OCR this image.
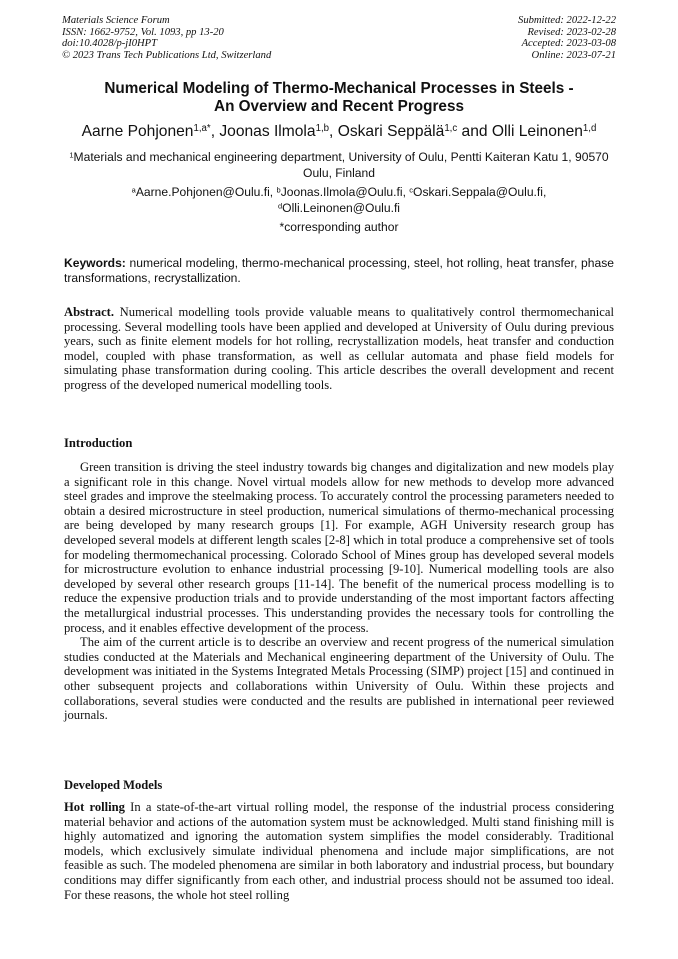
Materials Science Forum
ISSN: 1662-9752, Vol. 1093, pp 13-20
doi:10.4028/p-jI0HPT
© 2023 Trans Tech Publications Ltd, Switzerland
Submitted: 2022-12-22
Revised: 2023-02-28
Accepted: 2023-03-08
Online: 2023-07-21
Numerical Modeling of Thermo-Mechanical Processes in Steels -
An Overview and Recent Progress
Aarne Pohjonen$^{1,a*}$, Joonas Ilmola$^{1,b}$, Oskari Seppälä$^{1,c}$ and Olli Leinonen$^{1,d}$
$^1$Materials and mechanical engineering department, University of Oulu, Pentti Kaiteran Katu 1, 90570 Oulu, Finland
$^a$Aarne.Pohjonen@Oulu.fi, $^b$Joonas.Ilmola@Oulu.fi, $^c$Oskari.Seppala@Oulu.fi,
$^d$Olli.Leinonen@Oulu.fi
*corresponding author
Keywords: numerical modeling, thermo-mechanical processing, steel, hot rolling, heat transfer, phase transformations, recrystallization.

Abstract. Numerical modelling tools provide valuable means to qualitatively control thermomechanical processing. Several modelling tools have been applied and developed at University of Oulu during previous years, such as finite element models for hot rolling, recrystallization models, heat transfer and conduction model, coupled with phase transformation, as well as cellular automata and phase field models for simulating phase transformation during cooling. This article describes the overall development and recent progress of the developed numerical modelling tools.

Introduction

Green transition is driving the steel industry towards big changes and digitalization and new models play a significant role in this change. Novel virtual models allow for new methods to develop more advanced steel grades and improve the steelmaking process. To accurately control the processing parameters needed to obtain a desired microstructure in steel production, numerical simulations of thermo-mechanical processing are being developed by many research groups [1]. For example, AGH University research group has developed several models at different length scales [2-8] which in total produce a comprehensive set of tools for modeling thermomechanical processing. Colorado School of Mines group has developed several models for microstructure evolution to enhance industrial processing [9-10]. Numerical modelling tools are also developed by several other research groups [11-14]. The benefit of the numerical process modelling is to reduce the expensive production trials and to provide understanding of the most important factors affecting the metallurgical industrial processes. This understanding provides the necessary tools for controlling the process, and it enables effective development of the process.

The aim of the current article is to describe an overview and recent progress of the numerical simulation studies conducted at the Materials and Mechanical engineering department of the University of Oulu. The development was initiated in the Systems Integrated Metals Processing (SIMP) project [15] and continued in other subsequent projects and collaborations within University of Oulu. Within these projects and collaborations, several studies were conducted and the results are published in international peer reviewed journals.

Developed Models

Hot rolling In a state-of-the-art virtual rolling model, the response of the industrial process considering material behavior and actions of the automation system must be acknowledged. Multi stand finishing mill is highly automatized and ignoring the automation system simplifies the model considerably. Traditional models, which exclusively simulate individual phenomena and include major simplifications, are not feasible as such. The modeled phenomena are similar in both laboratory and industrial process, but boundary conditions may differ significantly from each other, and industrial process should not be assumed too ideal. For these reasons, the whole hot steel rolling
